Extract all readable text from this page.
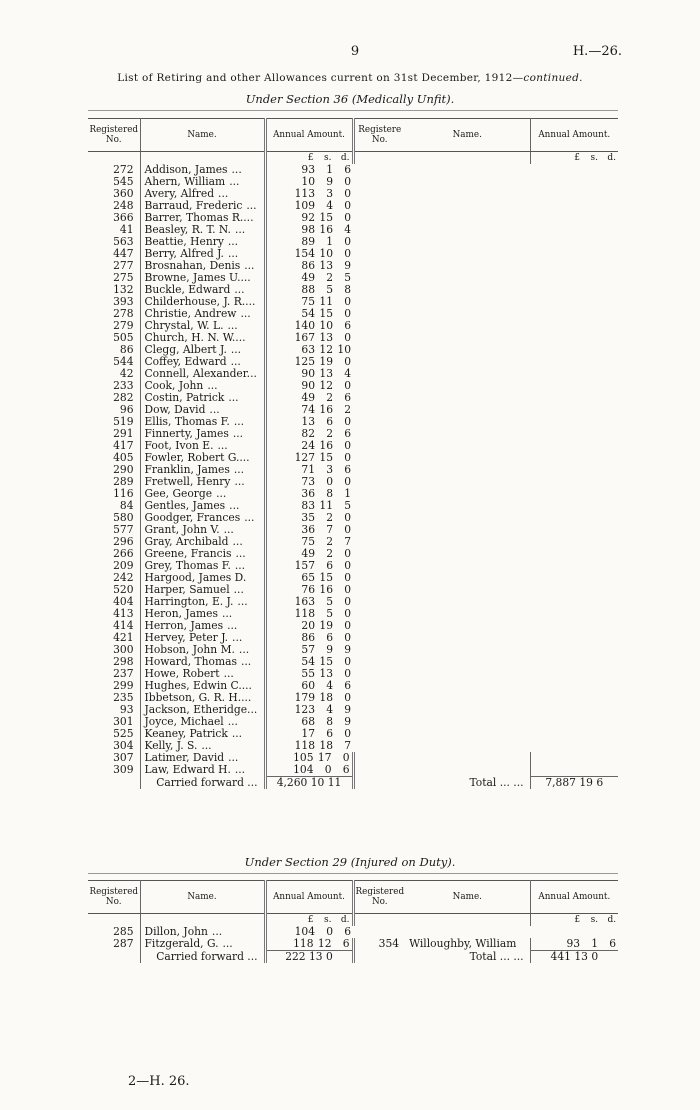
9	H.—26.
List of Retiring and other Allowances current on 31st December, 1912—continued.
Under Section 36 (Medically Unfit).
Registered No.	Name.	Annual Amount.	Registere No.	Name.	Annual Amount.
		£ s. d.			£ s. d.

272	Addison, James ...	93 1 6			
545	Ahern, William ...	10 9 0			
360	Avery, Alfred ...	113 3 0			
248	Barraud, Frederic ...	109 4 0			
366	Barrer, Thomas R....	92 15 0			
41	Beasley, R. T. N. ...	98 16 4			
563	Beattie, Henry ...	89 1 0			
447	Berry, Alfred J. ...	154 10 0			
277	Brosnahan, Denis ...	86 13 9			
275	Browne, James U....	49 2 5			
132	Buckle, Edward ...	88 5 8			
393	Childerhouse, J. R....	75 11 0			
278	Christie, Andrew ...	54 15 0			
279	Chrystal, W. L. ...	140 10 6			
505	Church, H. N. W....	167 13 0			
86	Clegg, Albert J. ...	63 12 10			
544	Coffey, Edward ...	125 19 0			
42	Connell, Alexander...	90 13 4			
233	Cook, John ...	90 12 0			
282	Costin, Patrick ...	49 2 6			
96	Dow, David ...	74 16 2			
519	Ellis, Thomas F. ...	13 6 0			
291	Finnerty, James ...	82 2 6			
417	Foot, Ivon E. ...	24 16 0			
405	Fowler, Robert G....	127 15 0			
290	Franklin, James ...	71 3 6			
289	Fretwell, Henry ...	73 0 0			
116	Gee, George ...	36 8 1			
84	Gentles, James ...	83 11 5			
580	Goodger, Frances ...	35 2 0			
577	Grant, John V. ...	36 7 0			
296	Gray, Archibald ...	75 2 7			
266	Greene, Francis ...	49 2 0			
209	Grey, Thomas F. ...	157 6 0			
242	Hargood, James D.	65 15 0			
520	Harper, Samuel ...	76 16 0			
404	Harrington, E. J. ...	163 5 0			
413	Heron, James ...	118 5 0			
414	Herron, James ...	20 19 0			
421	Hervey, Peter J. ...	86 6 0			
300	Hobson, John M. ...	57 9 9			
298	Howard, Thomas ...	54 15 0			
237	Howe, Robert ...	55 13 0			
299	Hughes, Edwin C....	60 4 6			
235	Ibbetson, G. R. H....	179 18 0			
93	Jackson, Etheridge...	123 4 9			
301	Joyce, Michael ...	68 8 9			
525	Keaney, Patrick ...	17 6 0			
304	Kelly, J. S. ...	118 18 7			
307	Latimer, David ...	105 17 0			
309	Law, Edward H. ...	104 0 6			
	Carried forward ...	4,260 10 11		Total ... ...	7,887 19 6
Under Section 29 (Injured on Duty).
Registered No.	Name.	Annual Amount.	Registered No.	Name.	Annual Amount.
		£ s. d.			£ s. d.

285	Dillon, John ...	104 0 6			
287	Fitzgerald, G. ...	118 12 6	354	Willoughby, William	93 1 6
	Carried forward ...	222 13 0		Total ... ...	441 13 0
2—H. 26.
